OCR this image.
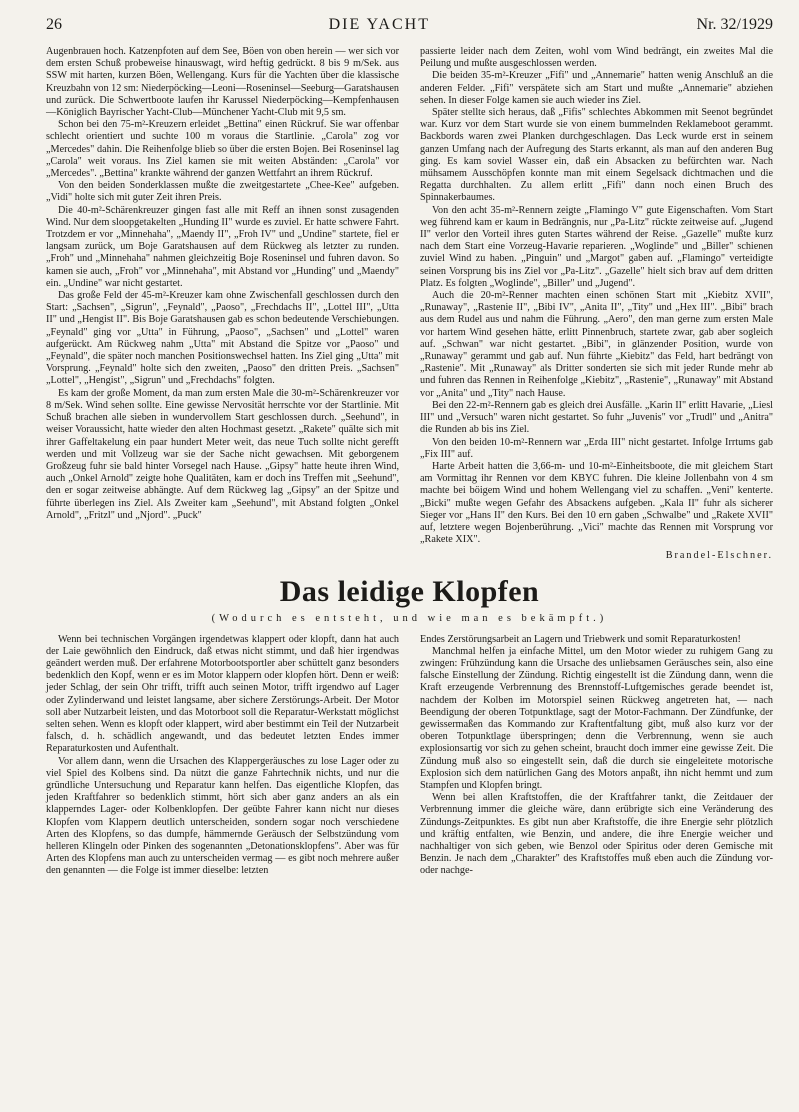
26	DIE YACHT	Nr. 32/1929

Augenbrauen hoch. Katzenpfoten auf dem See, Böen von oben herein — wer sich vor dem ersten Schuß probeweise hinauswagt, wird heftig gedrückt. 8 bis 9 m/Sek. aus SSW mit harten, kurzen Böen, Wellengang. Kurs für die Yachten über die klassische Kreuzbahn von 12 sm: Niederpöcking—Leoni—Roseninsel—Seeburg—Garatshausen und zurück. Die Schwertboote laufen ihr Karussel Niederpöcking—Kempfenhausen—Königlich Bayrischer Yacht-Club—Münchener Yacht-Club mit 9,5 sm.

Schon bei den 75-m²-Kreuzern erleidet „Bettina" einen Rückruf. Sie war offenbar schlecht orientiert und suchte 100 m voraus die Startlinie. „Carola" zog vor „Mercedes" dahin. Die Reihenfolge blieb so über die ersten Bojen. Bei Roseninsel lag „Carola" weit voraus. Ins Ziel kamen sie mit weiten Abständen: „Carola" vor „Mercedes". „Bettina" krankte während der ganzen Wettfahrt an ihrem Rückruf.

Von den beiden Sonderklassen mußte die zweitgestartete „Chee-Kee" aufgeben. „Vidi" holte sich mit guter Zeit ihren Preis.

Die 40-m²-Schärenkreuzer gingen fast alle mit Reff an ihnen sonst zusagenden Wind. Nur dem sloopgetakelten „Hunding II" wurde es zuviel. Er hatte schwere Fahrt. Trotzdem er vor „Minnehaha", „Maendy II", „Froh IV" und „Undine" startete, fiel er langsam zurück, um Boje Garatshausen auf dem Rückweg als letzter zu runden. „Froh" und „Minnehaha" nahmen gleichzeitig Boje Roseninsel und fuhren davon. So kamen sie auch, „Froh" vor „Minnehaha", mit Abstand vor „Hunding" und „Maendy" ein. „Undine" war nicht gestartet.

Das große Feld der 45-m²-Kreuzer kam ohne Zwischenfall geschlossen durch den Start: „Sachsen", „Sigrun", „Feynald", „Paoso", „Frechdachs II", „Lottel III", „Utta II" und „Hengist II". Bis Boje Garatshausen gab es schon bedeutende Verschiebungen. „Feynald" ging vor „Utta" in Führung, „Paoso", „Sachsen" und „Lottel" waren aufgerückt. Am Rückweg nahm „Utta" mit Abstand die Spitze vor „Paoso" und „Feynald", die später noch manchen Positionswechsel hatten. Ins Ziel ging „Utta" mit Vorsprung. „Feynald" holte sich den zweiten, „Paoso" den dritten Preis. „Sachsen" „Lottel", „Hengist", „Sigrun" und „Frechdachs" folgten.

Es kam der große Moment, da man zum ersten Male die 30-m²-Schärenkreuzer vor 8 m/Sek. Wind sehen sollte. Eine gewisse Nervosität herrschte vor der Startlinie. Mit Schuß brachen alle sieben in wundervollem Start geschlossen durch. „Seehund", in weiser Voraussicht, hatte wieder den alten Hochmast gesetzt. „Rakete" quälte sich mit ihrer Gaffeltakelung ein paar hundert Meter weit, das neue Tuch sollte nicht gerefft werden und mit Vollzeug war sie der Sache nicht gewachsen. Mit geborgenem Großzeug fuhr sie bald hinter Vorsegel nach Hause. „Gipsy" hatte heute ihren Wind, auch „Onkel Arnold" zeigte hohe Qualitäten, kam er doch ins Treffen mit „Seehund", den er sogar zeitweise abhängte. Auf dem Rückweg lag „Gipsy" an der Spitze und führte überlegen ins Ziel. Als Zweiter kam „Seehund", mit Abstand folgten „Onkel Arnold", „Fritzl" und „Njord". „Puck"

passierte leider nach dem Zeiten, wohl vom Wind bedrängt, ein zweites Mal die Peilung und mußte ausgeschlossen werden.

Die beiden 35-m²-Kreuzer „Fifi" und „Annemarie" hatten wenig Anschluß an die anderen Felder. „Fifi" verspätete sich am Start und mußte „Annemarie" abziehen sehen. In dieser Folge kamen sie auch wieder ins Ziel.

Später stellte sich heraus, daß „Fifis" schlechtes Abkommen mit Seenot begründet war. Kurz vor dem Start wurde sie von einem bummelnden Reklameboot gerammt. Backbords waren zwei Planken durchgeschlagen. Das Leck wurde erst in seinem ganzen Umfang nach der Aufregung des Starts erkannt, als man auf den anderen Bug ging. Es kam soviel Wasser ein, daß ein Absacken zu befürchten war. Nach mühsamem Ausschöpfen konnte man mit einem Segelsack dichtmachen und die Regatta durchhalten. Zu allem erlitt „Fifi" dann noch einen Bruch des Spinnakerbaumes.

Von den acht 35-m²-Rennern zeigte „Flamingo V" gute Eigenschaften. Vom Start weg führend kam er kaum in Bedrängnis, nur „Pa-Litz" rückte zeitweise auf. „Jugend II" verlor den Vorteil ihres guten Startes während der Reise. „Gazelle" mußte kurz nach dem Start eine Vorzeug-Havarie reparieren. „Woglinde" und „Biller" schienen zuviel Wind zu haben. „Pinguin" und „Margot" gaben auf. „Flamingo" verteidigte seinen Vorsprung bis ins Ziel vor „Pa-Litz". „Gazelle" hielt sich brav auf dem dritten Platz. Es folgten „Woglinde", „Biller" und „Jugend".

Auch die 20-m²-Renner machten einen schönen Start mit „Kiebitz XVII", „Runaway", „Rastenie II", „Bibi IV", „Anita II", „Tity" und „Hex III". „Bibi" brach aus dem Rudel aus und nahm die Führung. „Aero", den man gerne zum ersten Male vor hartem Wind gesehen hätte, erlitt Pinnenbruch, startete zwar, gab aber sogleich auf. „Schwan" war nicht gestartet. „Bibi", in glänzender Position, wurde von „Runaway" gerammt und gab auf. Nun führte „Kiebitz" das Feld, hart bedrängt von „Rastenie". Mit „Runaway" als Dritter sonderten sie sich mit jeder Runde mehr ab und fuhren das Rennen in Reihenfolge „Kiebitz", „Rastenie", „Runaway" mit Abstand vor „Anita" und „Tity" nach Hause.

Bei den 22-m²-Rennern gab es gleich drei Ausfälle. „Karin II" erlitt Havarie, „Liesl III" und „Versuch" waren nicht gestartet. So fuhr „Juvenis" vor „Trudl" und „Anitra" die Runden ab bis ins Ziel.

Von den beiden 10-m²-Rennern war „Erda III" nicht gestartet. Infolge Irrtums gab „Fix III" auf.

Harte Arbeit hatten die 3,66-m- und 10-m²-Einheitsboote, die mit gleichem Start am Vormittag ihr Rennen vor dem KBYC fuhren. Die kleine Jollenbahn von 4 sm machte bei böigem Wind und hohem Wellengang viel zu schaffen. „Veni" kenterte. „Bicki" mußte wegen Gefahr des Absackens aufgeben. „Kala II" fuhr als sicherer Sieger vor „Hans II" den Kurs. Bei den 10 ern gaben „Schwalbe" und „Rakete XVII" auf, letztere wegen Bojenberührung. „Vici" machte das Rennen mit Vorsprung vor „Rakete XIX".

Brandel-Elschner.

Das leidige Klopfen
(Wodurch es entsteht, und wie man es bekämpft.)

Wenn bei technischen Vorgängen irgendetwas klappert oder klopft, dann hat auch der Laie gewöhnlich den Eindruck, daß etwas nicht stimmt, und daß hier irgendwas geändert werden muß. Der erfahrene Motorbootsportler aber schüttelt ganz besonders bedenklich den Kopf, wenn er es im Motor klappern oder klopfen hört. Denn er weiß: jeder Schlag, der sein Ohr trifft, trifft auch seinen Motor, trifft irgendwo auf Lager oder Zylinderwand und leistet langsame, aber sichere Zerstörungs-Arbeit. Der Motor soll aber Nutzarbeit leisten, und das Motorboot soll die Reparatur-Werkstatt möglichst selten sehen. Wenn es klopft oder klappert, wird aber bestimmt ein Teil der Nutzarbeit falsch, d. h. schädlich angewandt, und das bedeutet letzten Endes immer Reparaturkosten und Aufenthalt.

Vor allem dann, wenn die Ursachen des Klappergeräusches zu lose Lager oder zu viel Spiel des Kolbens sind. Da nützt die ganze Fahrtechnik nichts, und nur die gründliche Untersuchung und Reparatur kann helfen. Das eigentliche Klopfen, das jeden Kraftfahrer so bedenklich stimmt, hört sich aber ganz anders an als ein klapperndes Lager- oder Kolbenklopfen. Der geübte Fahrer kann nicht nur dieses Klopfen vom Klappern deutlich unterscheiden, sondern sogar noch verschiedene Arten des Klopfens, so das dumpfe, hämmernde Geräusch der Selbstzündung vom helleren Klingeln oder Pinken des sogenannten „Detonationsklopfens". Aber was für Arten des Klopfens man auch zu unterscheiden vermag — es gibt noch mehrere außer den genannten — die Folge ist immer dieselbe: letzten

Endes Zerstörungsarbeit an Lagern und Triebwerk und somit Reparaturkosten!

Manchmal helfen ja einfache Mittel, um den Motor wieder zu ruhigem Gang zu zwingen: Frühzündung kann die Ursache des unliebsamen Geräusches sein, also eine falsche Einstellung der Zündung. Richtig eingestellt ist die Zündung dann, wenn die Kraft erzeugende Verbrennung des Brennstoff-Luftgemisches gerade beendet ist, nachdem der Kolben im Motorspiel seinen Rückweg angetreten hat, — nach Beendigung der oberen Totpunktlage, sagt der Motor-Fachmann. Der Zündfunke, der gewissermaßen das Kommando zur Kraftentfaltung gibt, muß also kurz vor der oberen Totpunktlage überspringen; denn die Verbrennung, wenn sie auch explosionsartig vor sich zu gehen scheint, braucht doch immer eine gewisse Zeit. Die Zündung muß also so eingestellt sein, daß die durch sie eingeleitete motorische Explosion sich dem natürlichen Gang des Motors anpaßt, ihn nicht hemmt und zum Stampfen und Klopfen bringt.

Wenn bei allen Kraftstoffen, die der Kraftfahrer tankt, die Zeitdauer der Verbrennung immer die gleiche wäre, dann erübrigte sich eine Veränderung des Zündungs-Zeitpunktes. Es gibt nun aber Kraftstoffe, die ihre Energie sehr plötzlich und kräftig entfalten, wie Benzin, und andere, die ihre Energie weicher und nachhaltiger von sich geben, wie Benzol oder Spiritus oder deren Gemische mit Benzin. Je nach dem „Charakter" des Kraftstoffes muß eben auch die Zündung vor- oder nachge-
